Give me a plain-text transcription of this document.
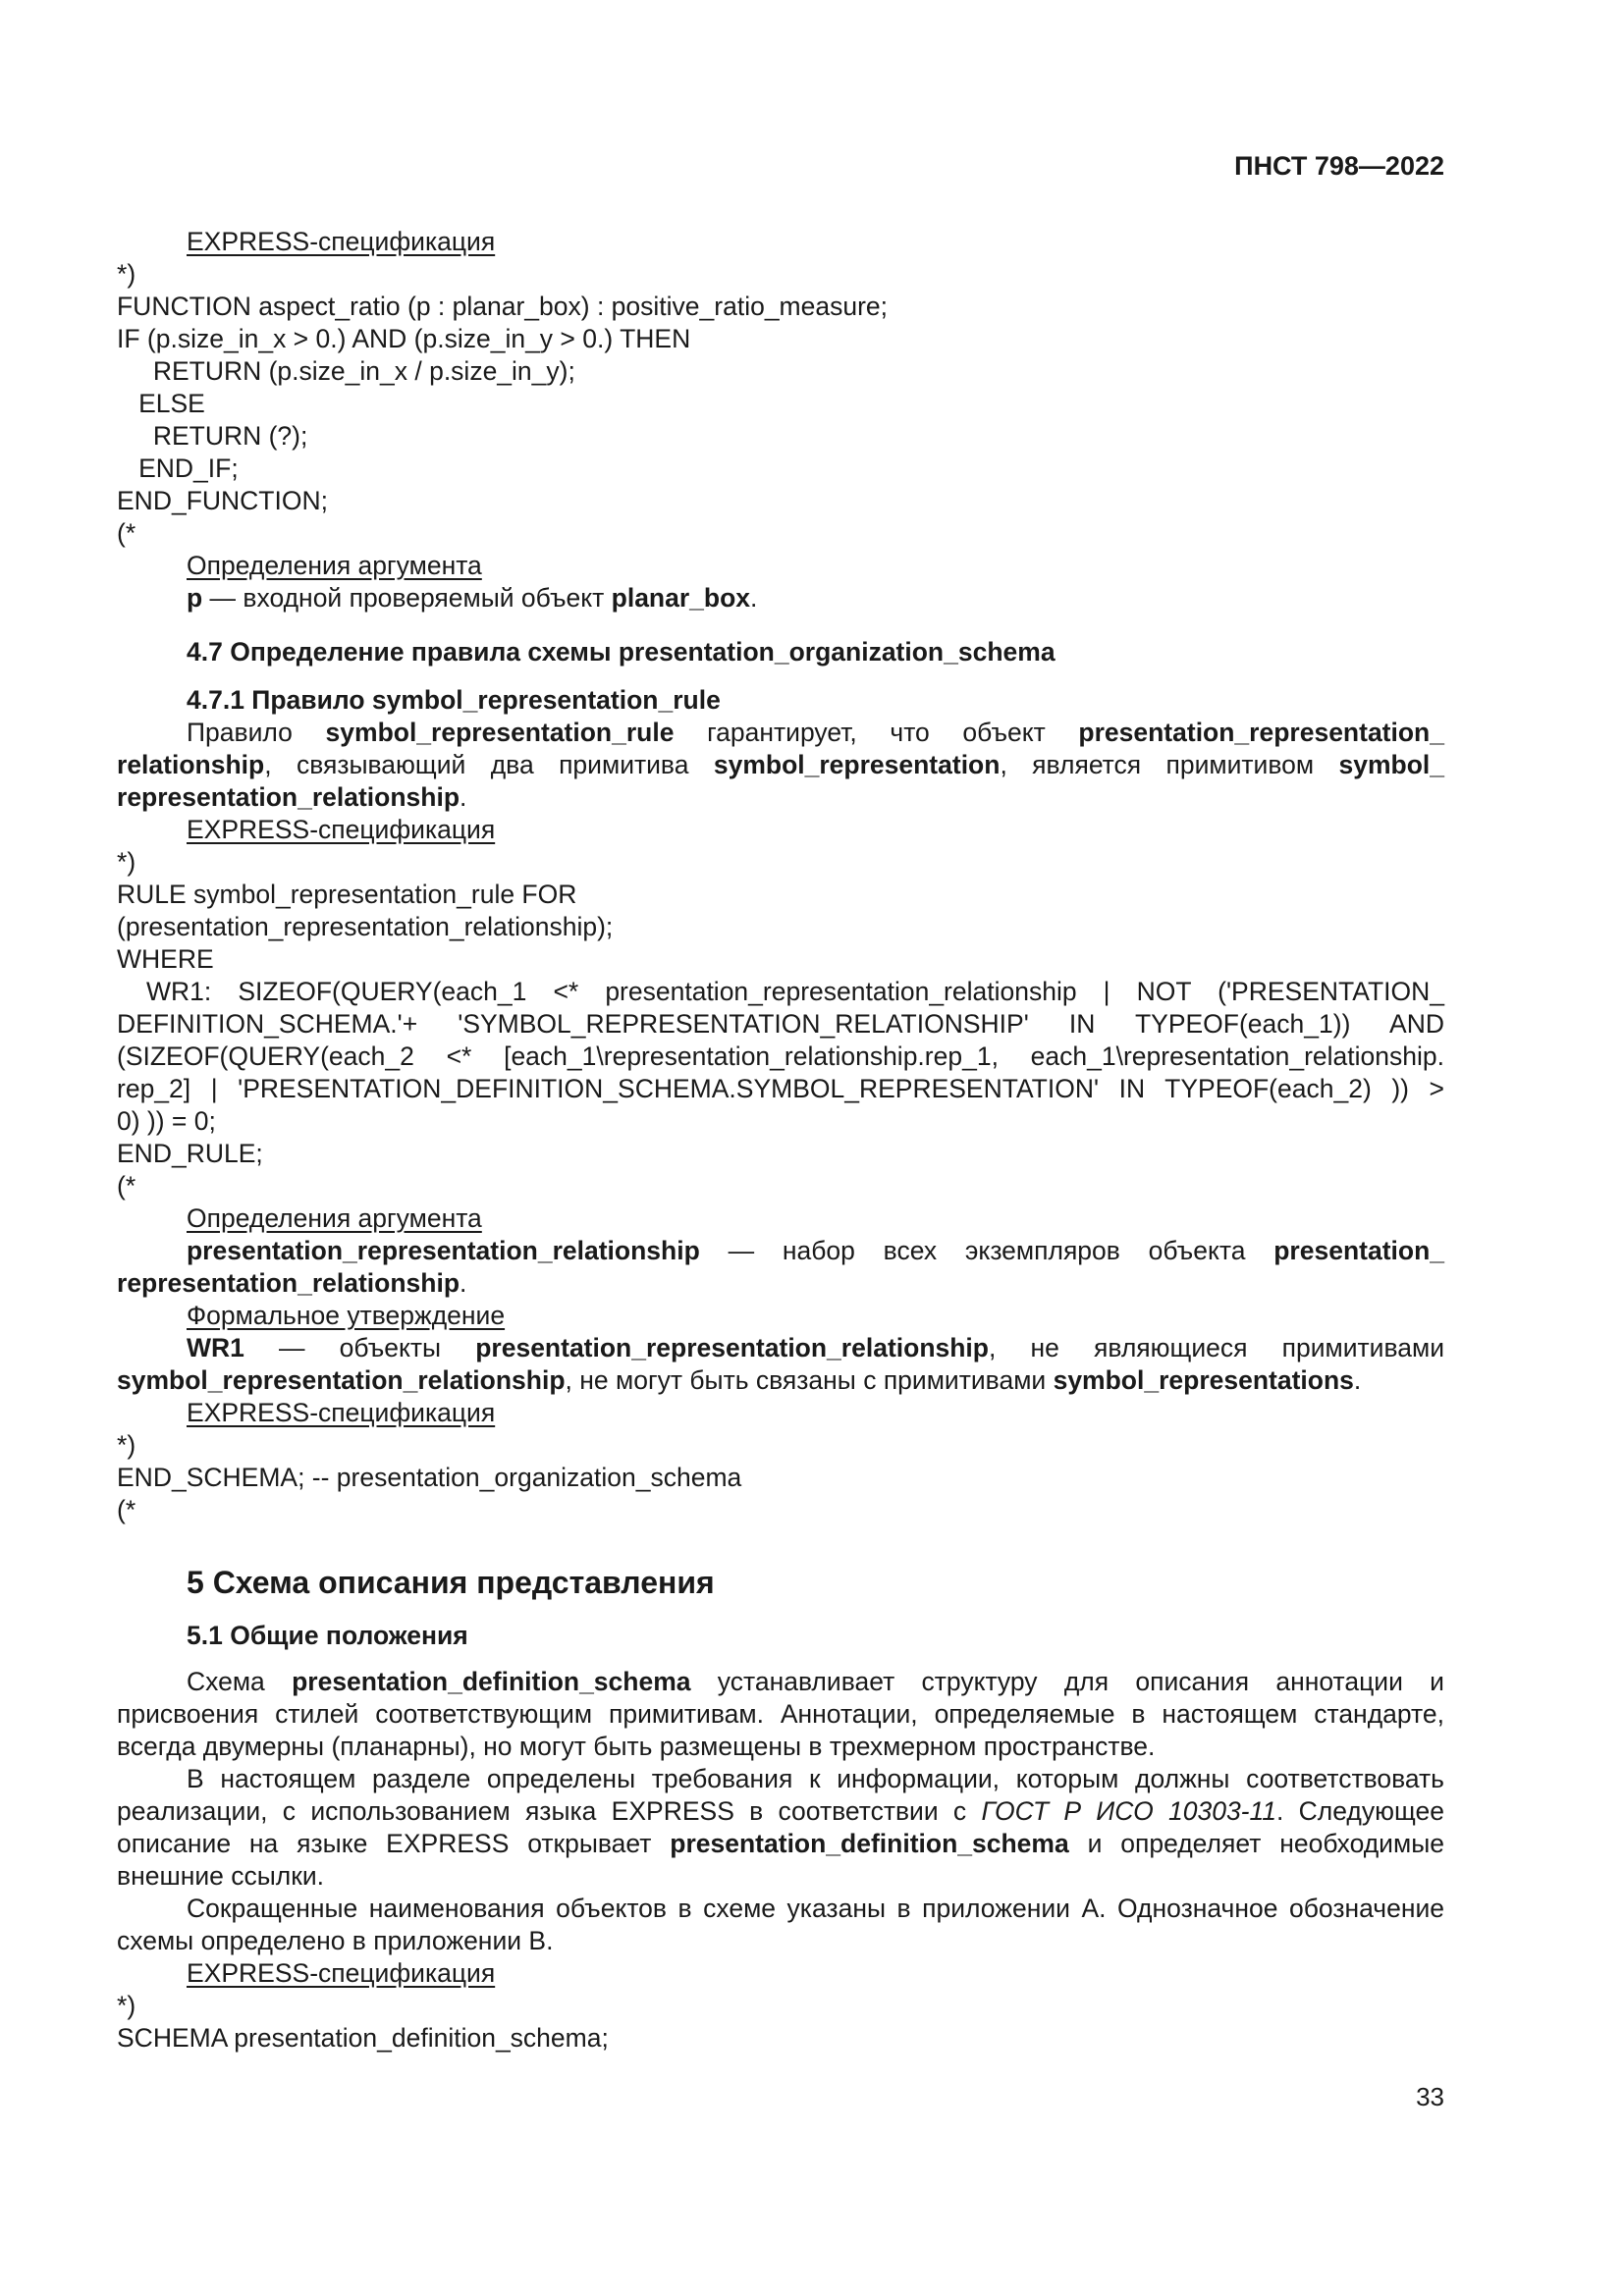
ПНСТ 798—2022
EXPRESS-спецификация
*)
FUNCTION aspect_ratio (p : planar_box) : positive_ratio_measure;
IF (p.size_in_x > 0.) AND (p.size_in_y > 0.) THEN
RETURN (p.size_in_x / p.size_in_y);
ELSE
RETURN (?);
END_IF;
END_FUNCTION;
(*
Определения аргумента
p — входной проверяемый объект planar_box.
4.7 Определение правила схемы presentation_organization_schema
4.7.1 Правило symbol_representation_rule

Правило symbol_representation_rule гарантирует, что объект presentation_representation_ relationship, связывающий два примитива symbol_representation, является примитивом symbol_ representation_relationship.

EXPRESS-спецификация
*)
RULE symbol_representation_rule FOR
(presentation_representation_relationship);
WHERE

WR1: SIZEOF(QUERY(each_1 <* presentation_representation_relationship | NOT ('PRESENTATION_

DEFINITION_SCHEMA.'+ 'SYMBOL_REPRESENTATION_RELATIONSHIP' IN TYPEOF(each_1)) AND

(SIZEOF(QUERY(each_2 <* [each_1\representation_relationship.rep_1, each_1\representation_relationship.

rep_2] | 'PRESENTATION_DEFINITION_SCHEMA.SYMBOL_REPRESENTATION' IN TYPEOF(each_2) )) >

0) )) = 0;
END_RULE;
(*
Определения аргумента

presentation_representation_relationship — набор всех экземпляров объекта presentation_ representation_relationship.

Формальное утверждение

WR1 — объекты presentation_representation_relationship, не являющиеся примитивами symbol_representation_relationship, не могут быть связаны с примитивами symbol_representations.

EXPRESS-спецификация
*)
END_SCHEMA; -- presentation_organization_schema
(*
5 Схема описания представления
5.1 Общие положения

Схема presentation_definition_schema устанавливает структуру для описания аннотации и присвоения стилей соответствующим примитивам. Аннотации, определяемые в настоящем стандарте, всегда двумерны (планарны), но могут быть размещены в трехмерном пространстве.

В настоящем разделе определены требования к информации, которым должны соответствовать реализации, с использованием языка EXPRESS в соответствии с ГОСТ Р ИСО 10303-11. Следующее описание на языке EXPRESS открывает presentation_definition_schema и определяет необходимые внешние ссылки.

Сокращенные наименования объектов в схеме указаны в приложении А. Однозначное обозначение схемы определено в приложении В.

EXPRESS-спецификация
*)
SCHEMA presentation_definition_schema;
33
